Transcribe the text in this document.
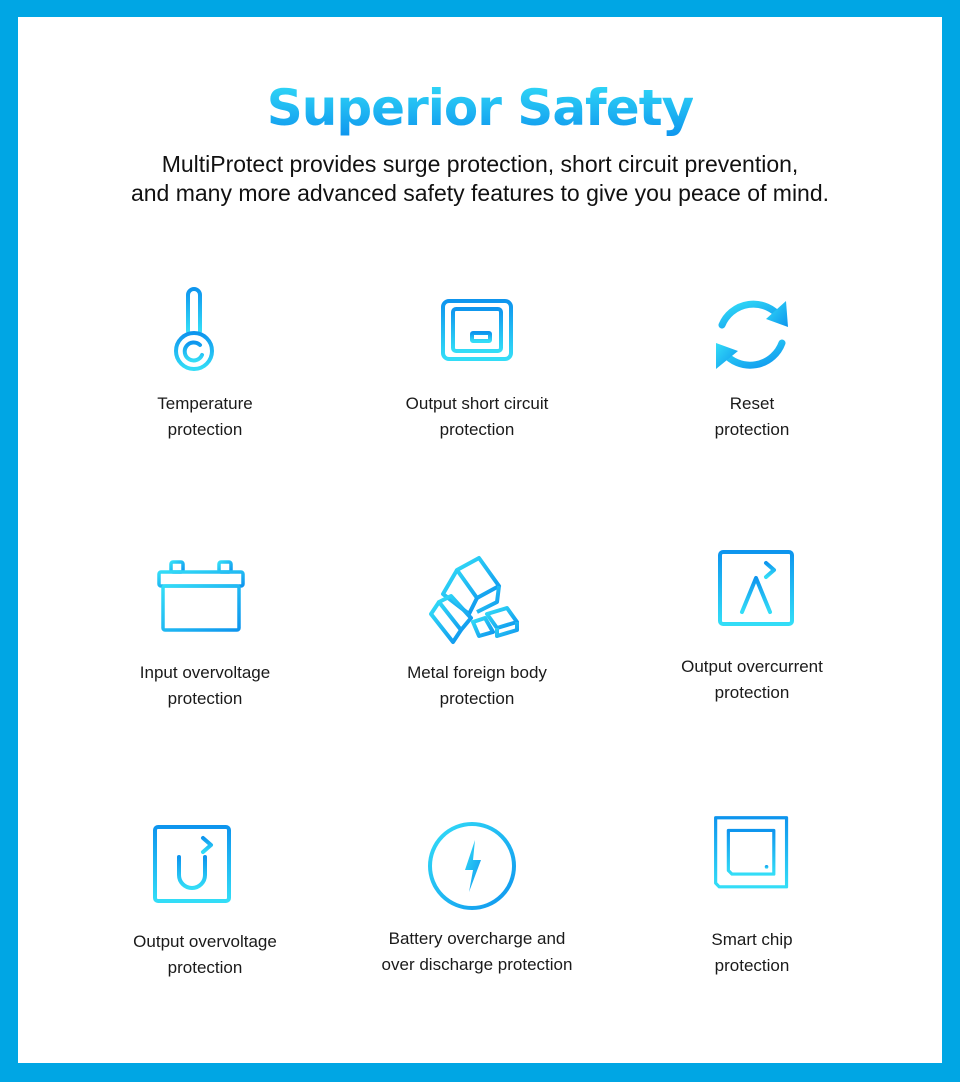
Superior Safety
MultiProtect provides surge protection, short circuit prevention,
and many more advanced safety features to give you peace of mind.
Temperature
protection
Output short circuit
protection
Reset
protection
Input overvoltage
protection
Metal foreign body
protection
Output overcurrent
protection
Output overvoltage
protection
Battery overcharge and
over discharge protection
Smart chip
protection
